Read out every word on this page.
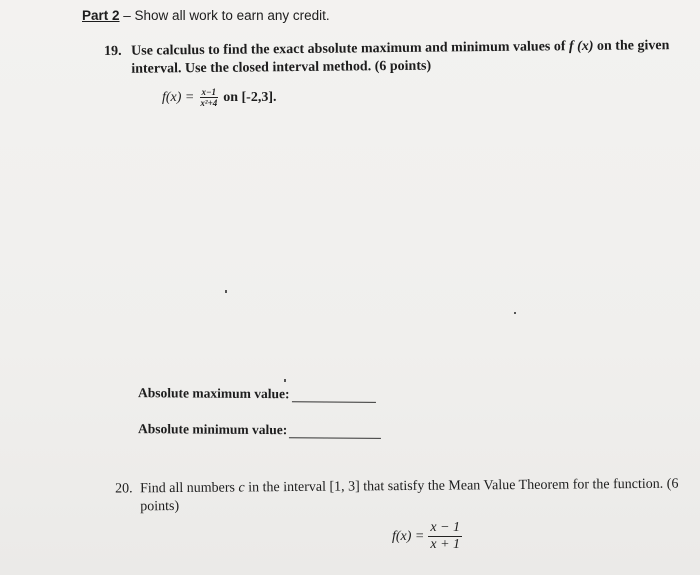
Part 2 – Show all work to earn any credit.
19. Use calculus to find the exact absolute maximum and minimum values of f (x) on the given interval. Use the closed interval method. (6 points)
$f(x) = \frac{x-1}{\text{x²+4}}$ on [-2,3].
Absolute maximum value:
Absolute minimum value:
20. Find all numbers c in the interval [1, 3] that satisfy the Mean Value Theorem for the function. (6 points)
$f(x) = \frac{x - 1}{x + 1}$
